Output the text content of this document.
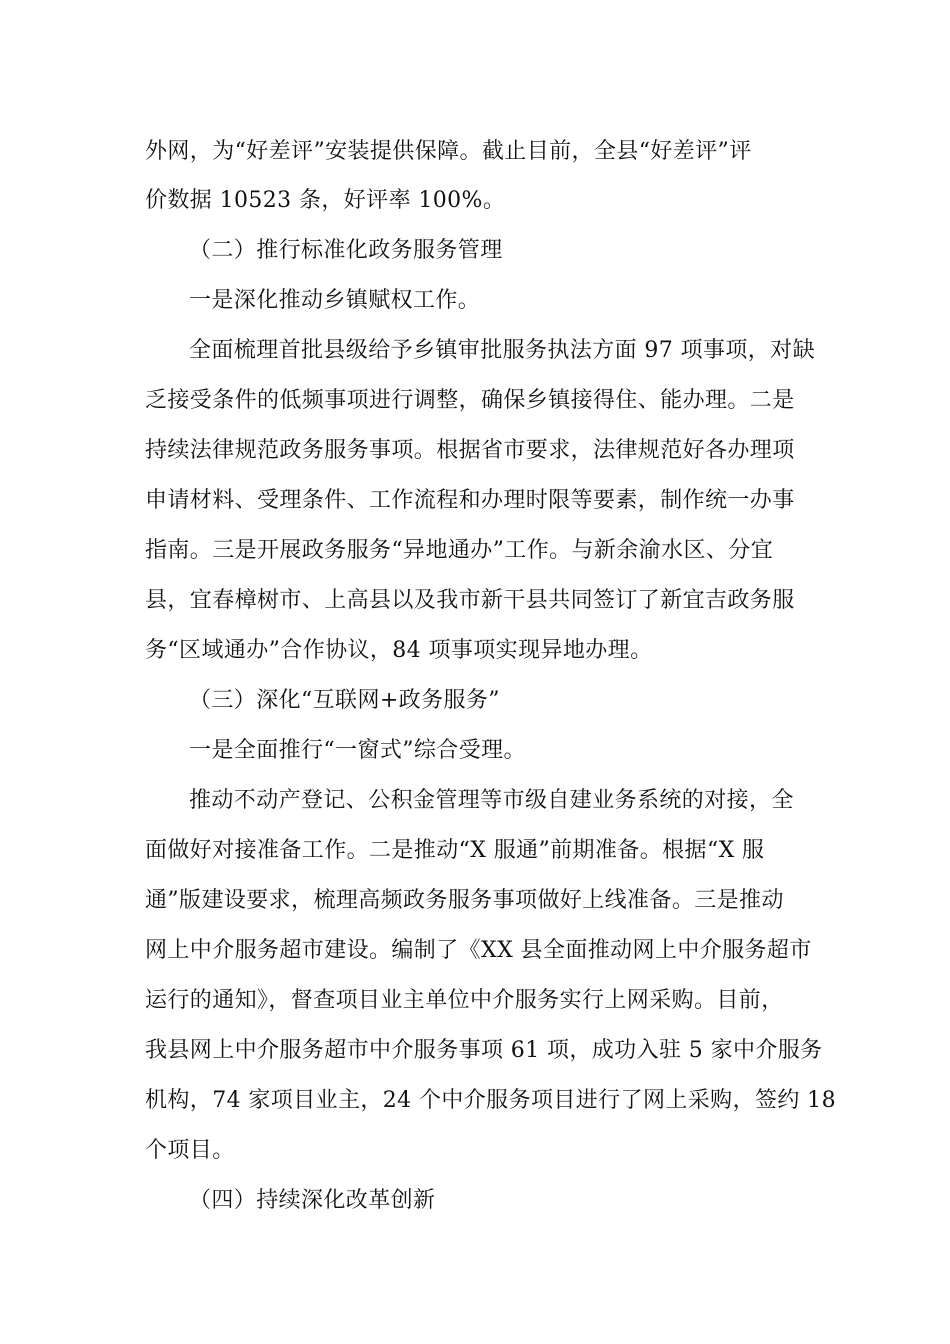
外网，为“好差评”安装提供保障。截止目前，全县“好差评”评
价数据 10523 条，好评率 100%。
（二）推行标准化政务服务管理
一是深化推动乡镇赋权工作。
全面梳理首批县级给予乡镇审批服务执法方面 97 项事项，对缺
乏接受条件的低频事项进行调整，确保乡镇接得住、能办理。二是
持续法律规范政务服务事项。根据省市要求，法律规范好各办理项
申请材料、受理条件、工作流程和办理时限等要素，制作统一办事
指南。三是开展政务服务“异地通办”工作。与新余渝水区、分宜
县，宜春樟树市、上高县以及我市新干县共同签订了新宜吉政务服
务“区域通办”合作协议，84 项事项实现异地办理。
（三）深化“互联网+政务服务”
一是全面推行“一窗式”综合受理。
推动不动产登记、公积金管理等市级自建业务系统的对接，全
面做好对接准备工作。二是推动“X 服通”前期准备。根据“X 服
通”版建设要求，梳理高频政务服务事项做好上线准备。三是推动
网上中介服务超市建设。编制了《XX 县全面推动网上中介服务超市
运行的通知》，督查项目业主单位中介服务实行上网采购。目前，
我县网上中介服务超市中介服务事项 61 项，成功入驻 5 家中介服务
机构，74 家项目业主，24 个中介服务项目进行了网上采购，签约 18
个项目。
（四）持续深化改革创新
